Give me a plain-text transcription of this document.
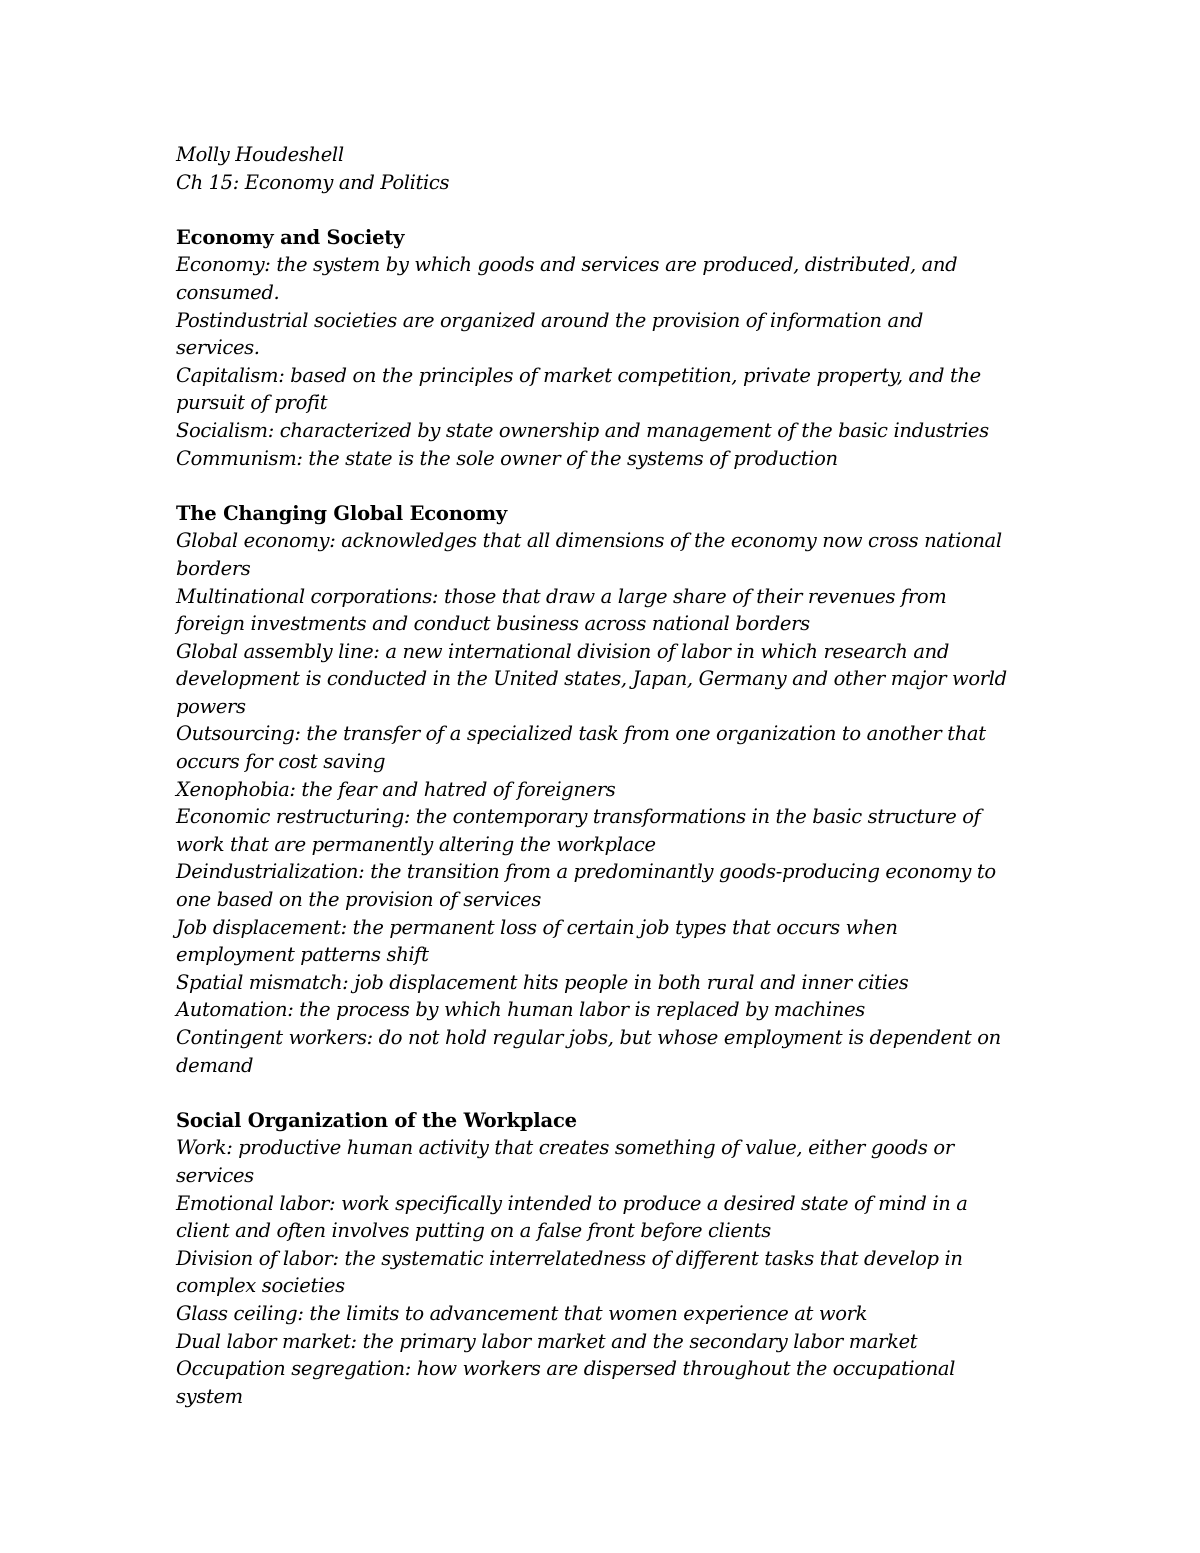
Molly Houdeshell
Ch 15: Economy and Politics
Economy and Society
Economy: the system by which goods and services are produced, distributed, and
consumed.
Postindustrial societies are organized around the provision of information and
services.
Capitalism: based on the principles of market competition, private property, and the
pursuit of profit
Socialism: characterized by state ownership and management of the basic industries
Communism: the state is the sole owner of the systems of production
The Changing Global Economy
Global economy: acknowledges that all dimensions of the economy now cross national
borders
Multinational corporations: those that draw a large share of their revenues from
foreign investments and conduct business across national borders
Global assembly line: a new international division of labor in which research and
development is conducted in the United states, Japan, Germany and other major world
powers
Outsourcing: the transfer of a specialized task from one organization to another that
occurs for cost saving
Xenophobia: the fear and hatred of foreigners
Economic restructuring: the contemporary transformations in the basic structure of
work that are permanently altering the workplace
Deindustrialization: the transition from a predominantly goods-producing economy to
one based on the provision of services
Job displacement: the permanent loss of certain job types that occurs when
employment patterns shift
Spatial mismatch: job displacement hits people in both rural and inner cities
Automation: the process by which human labor is replaced by machines
Contingent workers: do not hold regular jobs, but whose employment is dependent on
demand
Social Organization of the Workplace
Work: productive human activity that creates something of value, either goods or
services
Emotional labor: work specifically intended to produce a desired state of mind in a
client and often involves putting on a false front before clients
Division of labor: the systematic interrelatedness of different tasks that develop in
complex societies
Glass ceiling: the limits to advancement that women experience at work
Dual labor market: the primary labor market and the secondary labor market
Occupation segregation: how workers are dispersed throughout the occupational
system
